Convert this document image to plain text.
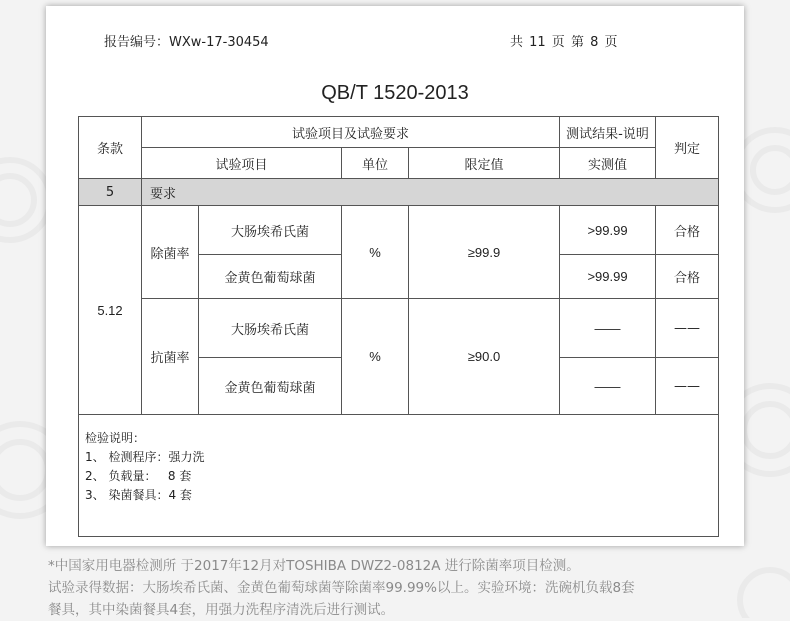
报告编号：WXw-17-30454	共 11 页 第 8 页
QB/T 1520-2013
条款	试验项目及试验要求				测试结果-说明	判定
	试验项目		单位	限定值	实测值	
5	要求					
5.12	除菌率	大肠埃希氏菌	%	≥99.9	>99.99	合格
		金黄色葡萄球菌			>99.99	合格
	抗菌率	大肠埃希氏菌	%	≥90.0	——	——
		金黄色葡萄球菌			——	——

检验说明：
1、 检测程序：强力洗
2、 负载量：   8 套
3、 染菌餐具：4 套						
*中国家用电器检测所 于2017年12月对TOSHIBA DWZ2-0812A 进行除菌率项目检测。
试验录得数据：大肠埃希氏菌、金黄色葡萄球菌等除菌率99.99%以上。实验环境：洗碗机负载8套
餐具，其中染菌餐具4套，用强力洗程序清洗后进行测试。
